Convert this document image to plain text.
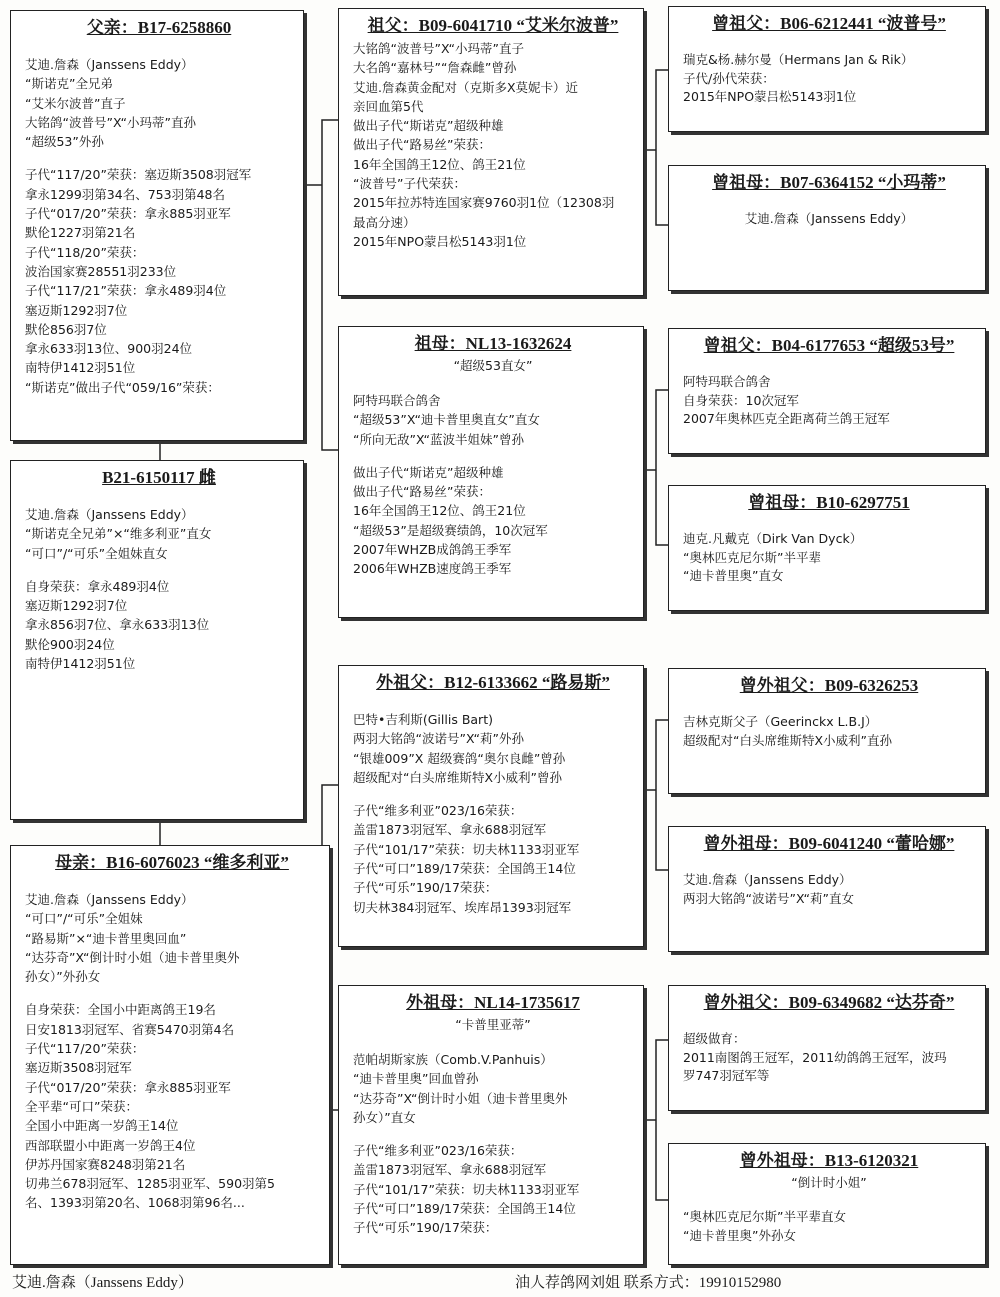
父亲：B17-6258860
艾迪.詹森（Janssens Eddy）
“斯诺克”全兄弟
“艾米尔波普”直子
大铭鸽“波普号”X“小玛蒂”直孙
“超级53”外孙
子代“117/20”荣获：塞迈斯3508羽冠军
拿永1299羽第34名、753羽第48名
子代“017/20”荣获：拿永885羽亚军
默伦1227羽第21名
子代“118/20”荣获：
波治国家赛28551羽233位
子代“117/21”荣获：拿永489羽4位
塞迈斯1292羽7位
默伦856羽7位
拿永633羽13位、900羽24位
南特伊1412羽51位
“斯诺克”做出子代“059/16”荣获：
B21-6150117 雌
艾迪.詹森（Janssens Eddy）
“斯诺克全兄弟”×“维多利亚”直女
“可口”/“可乐”全姐妹直女
自身荣获：拿永489羽4位
塞迈斯1292羽7位
拿永856羽7位、拿永633羽13位
默伦900羽24位
南特伊1412羽51位
母亲：B16-6076023 “维多利亚”
艾迪.詹森（Janssens Eddy）
“可口”/“可乐”全姐妹
“路易斯”×“迪卡普里奥回血”
“达芬奇”X“倒计时小姐（迪卡普里奥外
孙女）”外孙女
自身荣获：全国小中距离鸽王19名
日安1813羽冠军、省赛5470羽第4名
子代“117/20”荣获：
塞迈斯3508羽冠军
子代“017/20”荣获：拿永885羽亚军
全平辈“可口”荣获：
全国小中距离一岁鸽王14位
西部联盟小中距离一岁鸽王4位
伊苏丹国家赛8248羽第21名
切弗兰678羽冠军、1285羽亚军、590羽第5
名、1393羽第20名、1068羽第96名...
祖父：B09-6041710 “艾米尔波普”
大铭鸽“波普号”X“小玛蒂”直子
大名鸽“嘉林号”“詹森雌”曾孙
艾迪.詹森黄金配对（克斯多X莫妮卡）近
亲回血第5代
做出子代“斯诺克”超级种雄
做出子代“路易丝”荣获：
16年全国鸽王12位、鸽王21位
“波普号”子代荣获：
2015年拉苏特连国家赛9760羽1位（12308羽
最高分速）
2015年NPO蒙吕松5143羽1位
祖母：NL13-1632624
“超级53直女”
阿特玛联合鸽舍
“超级53”X“迪卡普里奥直女”直女
“所向无敌”X“蓝波半姐妹”曾孙
做出子代“斯诺克”超级种雄
做出子代“路易丝”荣获：
16年全国鸽王12位、鸽王21位
“超级53”是超级赛绩鸽，10次冠军
2007年WHZB成鸽鸽王季军
2006年WHZB速度鸽王季军
外祖父：B12-6133662 “路易斯”
巴特•吉利斯(Gillis Bart)
两羽大铭鸽“波诺号”X“莉”外孙
“银雄009”X 超级赛鸽“奥尔良雌”曾孙
超级配对“白头席维斯特X小威利”曾孙
子代“维多利亚”023/16荣获：
盖雷1873羽冠军、拿永688羽冠军
子代“101/17”荣获：切夫林1133羽亚军
子代“可口”189/17荣获：全国鸽王14位
子代“可乐”190/17荣获：
切夫林384羽冠军、埃库昂1393羽冠军
外祖母：NL14-1735617
“卡普里亚蒂”
范帕胡斯家族（Comb.V.Panhuis）
“迪卡普里奥”回血曾孙
“达芬奇”X“倒计时小姐（迪卡普里奥外
孙女）”直女
子代“维多利亚”023/16荣获：
盖雷1873羽冠军、拿永688羽冠军
子代“101/17”荣获：切夫林1133羽亚军
子代“可口”189/17荣获：全国鸽王14位
子代“可乐”190/17荣获：
曾祖父：B06-6212441 “波普号”
瑞克&杨.赫尔曼（Hermans Jan & Rik）
子代/孙代荣获：
2015年NPO蒙吕松5143羽1位
曾祖母：B07-6364152 “小玛蒂”
艾迪.詹森（Janssens Eddy）
曾祖父：B04-6177653 “超级53号”
阿特玛联合鸽舍
自身荣获：10次冠军
2007年奥林匹克全距离荷兰鸽王冠军
曾祖母：B10-6297751
迪克.凡戴克（Dirk Van Dyck）
“奥林匹克尼尔斯”半平辈
“迪卡普里奥”直女
曾外祖父：B09-6326253
吉林克斯父子（Geerinckx L.B.J）
超级配对“白头席维斯特X小威利”直孙
曾外祖母：B09-6041240 “蕾哈娜”
艾迪.詹森（Janssens Eddy）
两羽大铭鸽“波诺号”X“莉”直女
曾外祖父：B09-6349682 “达芬奇”
超级做育：
2011南图鸽王冠军，2011幼鸽鸽王冠军，波玛
罗747羽冠军等
曾外祖母：B13-6120321
“倒计时小姐”
“奥林匹克尼尔斯”半平辈直女
“迪卡普里奥”外孙女
艾迪.詹森（Janssens Eddy）	油人荐鸽网刘姐 联系方式：19910152980
